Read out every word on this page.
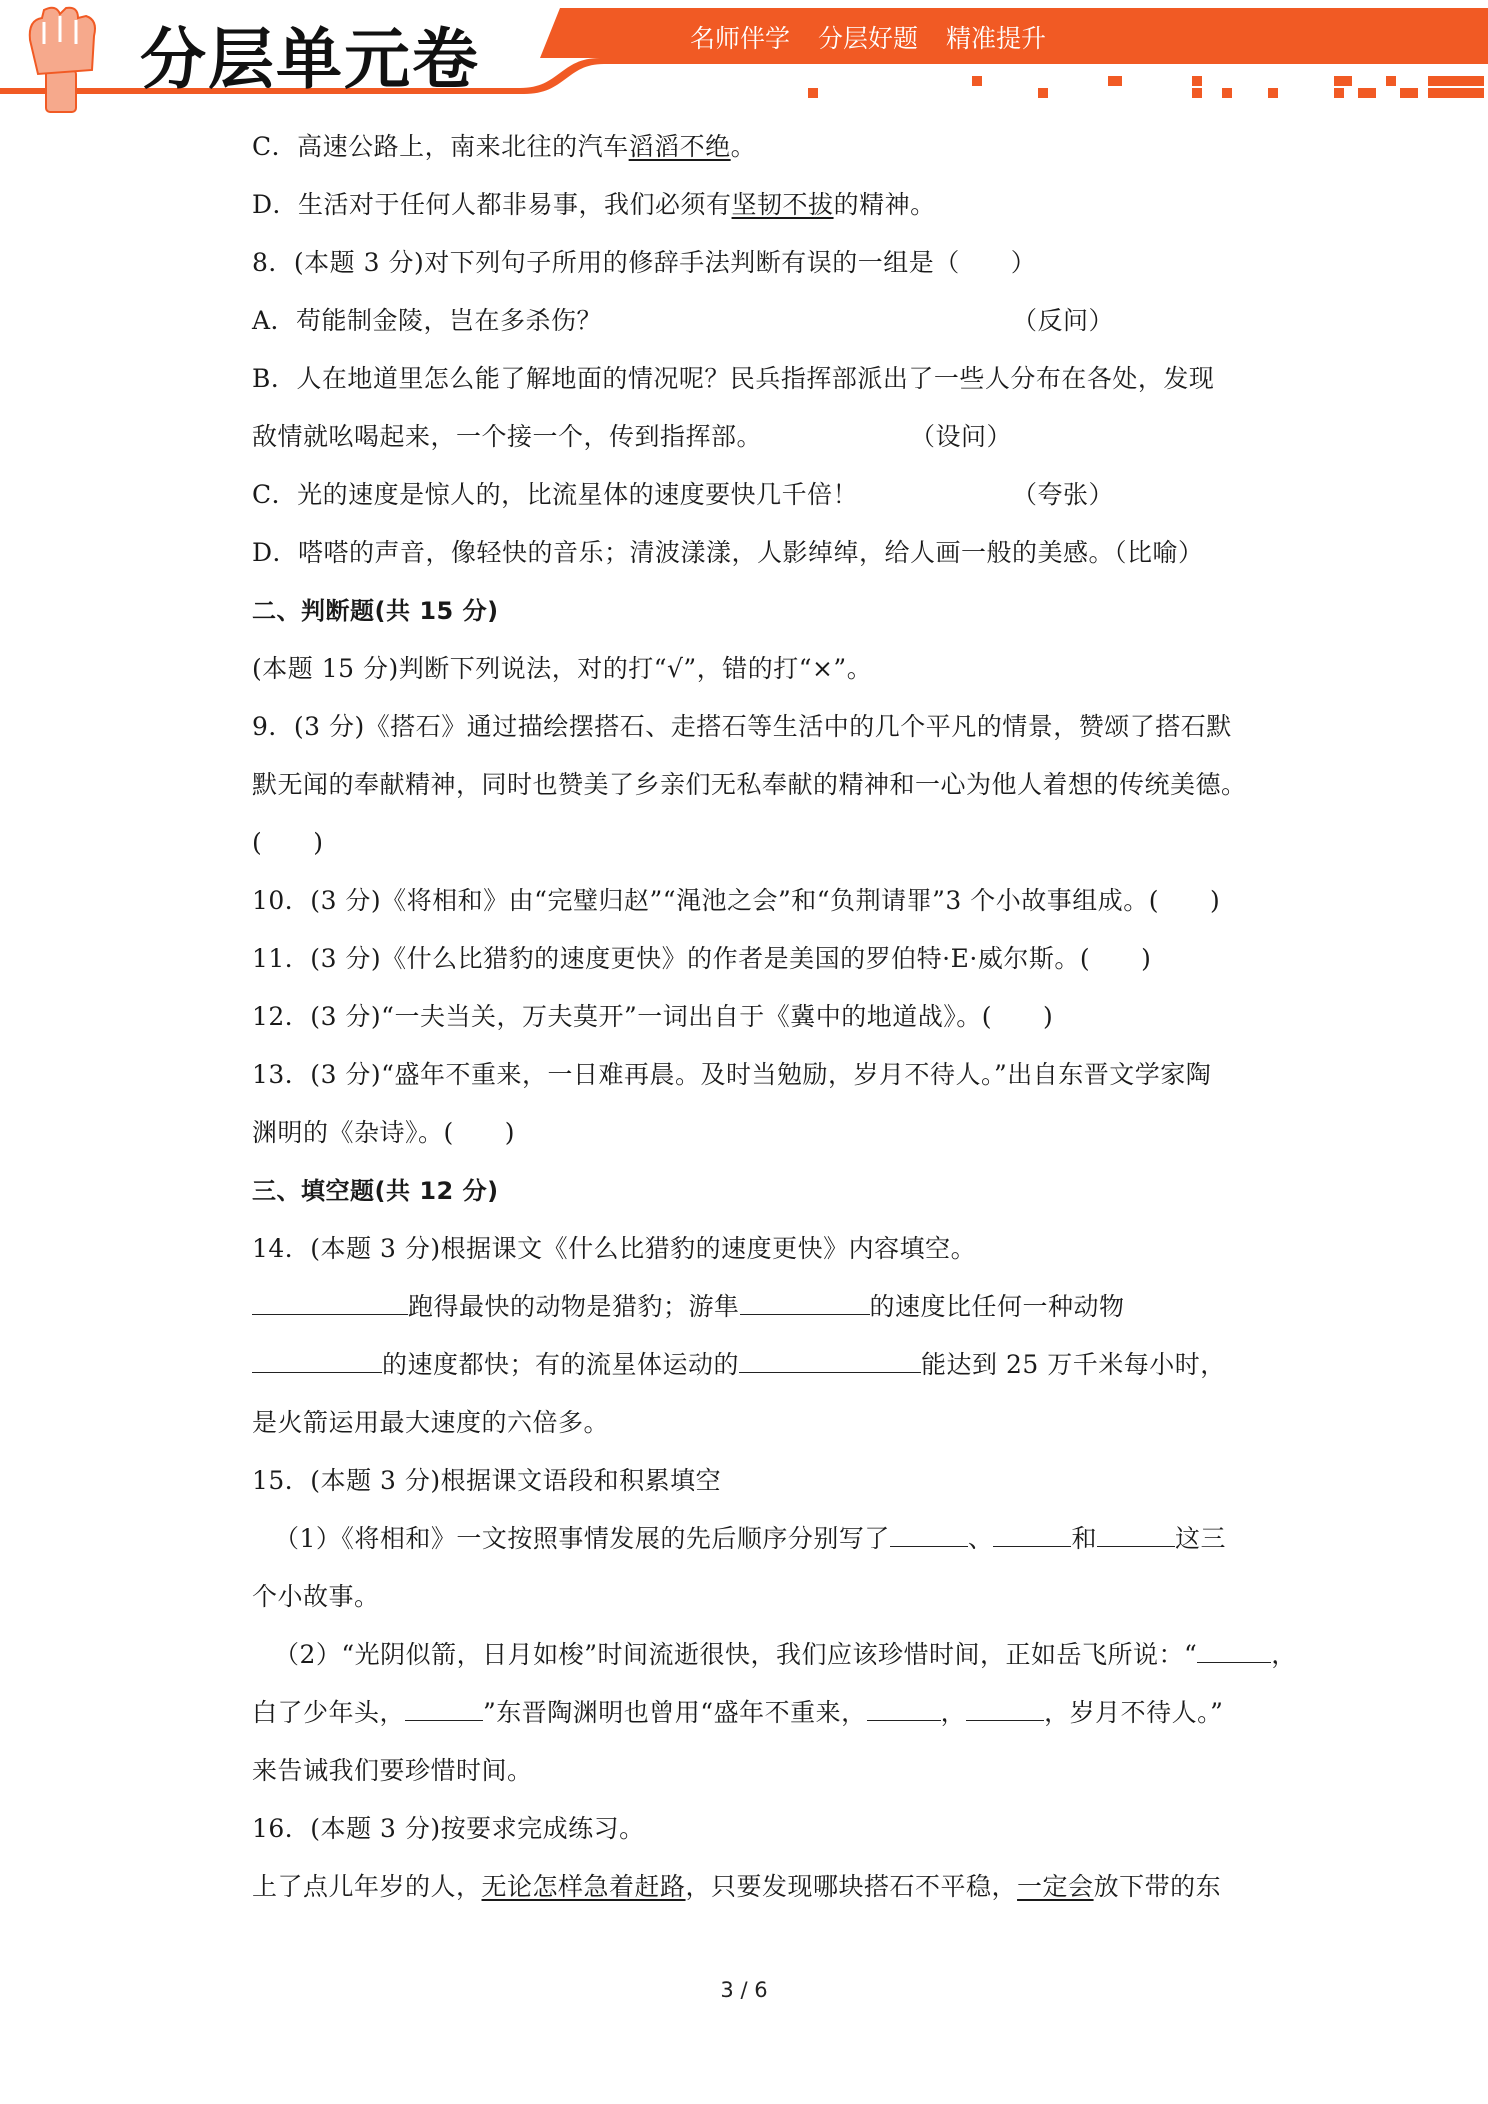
分层单元卷	名师伴学 分层好题 精准提升
C．高速公路上，南来北往的汽车滔滔不绝。
D．生活对于任何人都非易事，我们必须有坚韧不拔的精神。
8．(本题 3 分)对下列句子所用的修辞手法判断有误的一组是（　　）
A．苟能制金陵，岂在多杀伤？	（反问）
B．人在地道里怎么能了解地面的情况呢？民兵指挥部派出了一些人分布在各处，发现
敌情就吆喝起来，一个接一个，传到指挥部。	（设问）
C．光的速度是惊人的，比流星体的速度要快几千倍！	（夸张）
D．嗒嗒的声音，像轻快的音乐；清波漾漾，人影绰绰，给人画一般的美感。（比喻）
二、判断题(共 15 分)
(本题 15 分)判断下列说法，对的打“√”，错的打“×”。
9．(3 分)《搭石》通过描绘摆搭石、走搭石等生活中的几个平凡的情景，赞颂了搭石默
默无闻的奉献精神，同时也赞美了乡亲们无私奉献的精神和一心为他人着想的传统美德。
(　　)
10．(3 分)《将相和》由“完璧归赵”“渑池之会”和“负荆请罪”3 个小故事组成。(　　)
11．(3 分)《什么比猎豹的速度更快》的作者是美国的罗伯特·E·威尔斯。(　　)
12．(3 分)“一夫当关，万夫莫开”一词出自于《冀中的地道战》。(　　)
13．(3 分)“盛年不重来，一日难再晨。及时当勉励，岁月不待人。”出自东晋文学家陶
渊明的《杂诗》。(　　)
三、填空题(共 12 分)
14．(本题 3 分)根据课文《什么比猎豹的速度更快》内容填空。
跑得最快的动物是猎豹；游隼	的速度比任何一种动物
的速度都快；有的流星体运动的	能达到 25 万千米每小时，
是火箭运用最大速度的六倍多。
15．(本题 3 分)根据课文语段和积累填空
（1）《将相和》一文按照事情发展的先后顺序分别写了	、	和	这三
个小故事。
（2）“光阴似箭，日月如梭”时间流逝很快，我们应该珍惜时间，正如岳飞所说：“	，
白了少年头，	”东晋陶渊明也曾用“盛年不重来，	，	，岁月不待人。”
来告诫我们要珍惜时间。
16．(本题 3 分)按要求完成练习。
上了点儿年岁的人，无论怎样急着赶路，只要发现哪块搭石不平稳，一定会放下带的东
3 / 6
